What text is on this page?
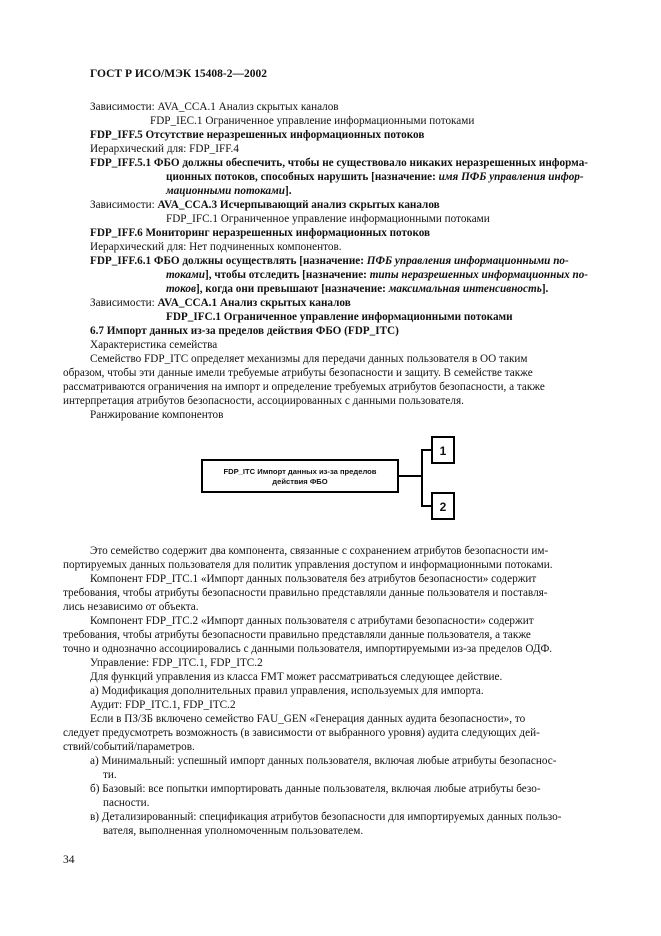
ГОСТ Р ИСО/МЭК 15408-2—2002
Зависимости: AVA_CCA.1 Анализ скрытых каналов
FDP_IEC.1 Ограниченное управление информационными потоками
FDP_IFF.5 Отсутствие неразрешенных информационных потоков
Иерархический для: FDP_IFF.4
FDP_IFF.5.1 ФБО должны обеспечить, чтобы не существовало никаких неразрешенных информа-
ционных потоков, способных нарушить [назначение: имя ПФБ управления инфор-
мационными потоками].
Зависимости: AVA_CCA.3 Исчерпывающий анализ скрытых каналов
FDP_IFC.1 Ограниченное управление информационными потоками
FDP_IFF.6 Мониторинг неразрешенных информационных потоков
Иерархический для: Нет подчиненных компонентов.
FDP_IFF.6.1 ФБО должны осуществлять [назначение: ПФБ управления информационными по-
токами], чтобы отследить [назначение: типы неразрешенных информационных по-
токов], когда они превышают [назначение: максимальная интенсивность].
Зависимости: AVA_CCA.1 Анализ скрытых каналов
FDP_IFC.1 Ограниченное управление информационными потоками
6.7 Импорт данных из-за пределов действия ФБО (FDP_ITC)
Характеристика семейства
Семейство FDP_ITC определяет механизмы для передачи данных пользователя в ОО таким
образом, чтобы эти данные имели требуемые атрибуты безопасности и защиту. В семействе также
рассматриваются ограничения на импорт и определение требуемых атрибутов безопасности, а также
интерпретация атрибутов безопасности, ассоциированных с данными пользователя.
Ранжирование компонентов
FDP_ITC Импорт данных из-за пределов
действия ФБО
1
2
Это семейство содержит два компонента, связанные с сохранением атрибутов безопасности им-
портируемых данных пользователя для политик управления доступом и информационными потоками.
Компонент FDP_ITC.1 «Импорт данных пользователя без атрибутов безопасности» содержит
требования, чтобы атрибуты безопасности правильно представляли данные пользователя и поставля-
лись независимо от объекта.
Компонент FDP_ITC.2 «Импорт данных пользователя с атрибутами безопасности» содержит
требования, чтобы атрибуты безопасности правильно представляли данные пользователя, а также
точно и однозначно ассоциировались с данными пользователя, импортируемыми из-за пределов ОДФ.
Управление: FDP_ITC.1, FDP_ITC.2
Для функций управления из класса FMT может рассматриваться следующее действие.
а) Модификация дополнительных правил управления, используемых для импорта.
Аудит: FDP_ITC.1, FDP_ITC.2
Если в ПЗ/ЗБ включено семейство FAU_GEN «Генерация данных аудита безопасности», то
следует предусмотреть возможность (в зависимости от выбранного уровня) аудита следующих дей-
ствий/событий/параметров.
а) Минимальный: успешный импорт данных пользователя, включая любые атрибуты безопаснос-
ти.
б) Базовый: все попытки импортировать данные пользователя, включая любые атрибуты безо-
пасности.
в) Детализированный: спецификация атрибутов безопасности для импортируемых данных пользо-
вателя, выполненная уполномоченным пользователем.
34
